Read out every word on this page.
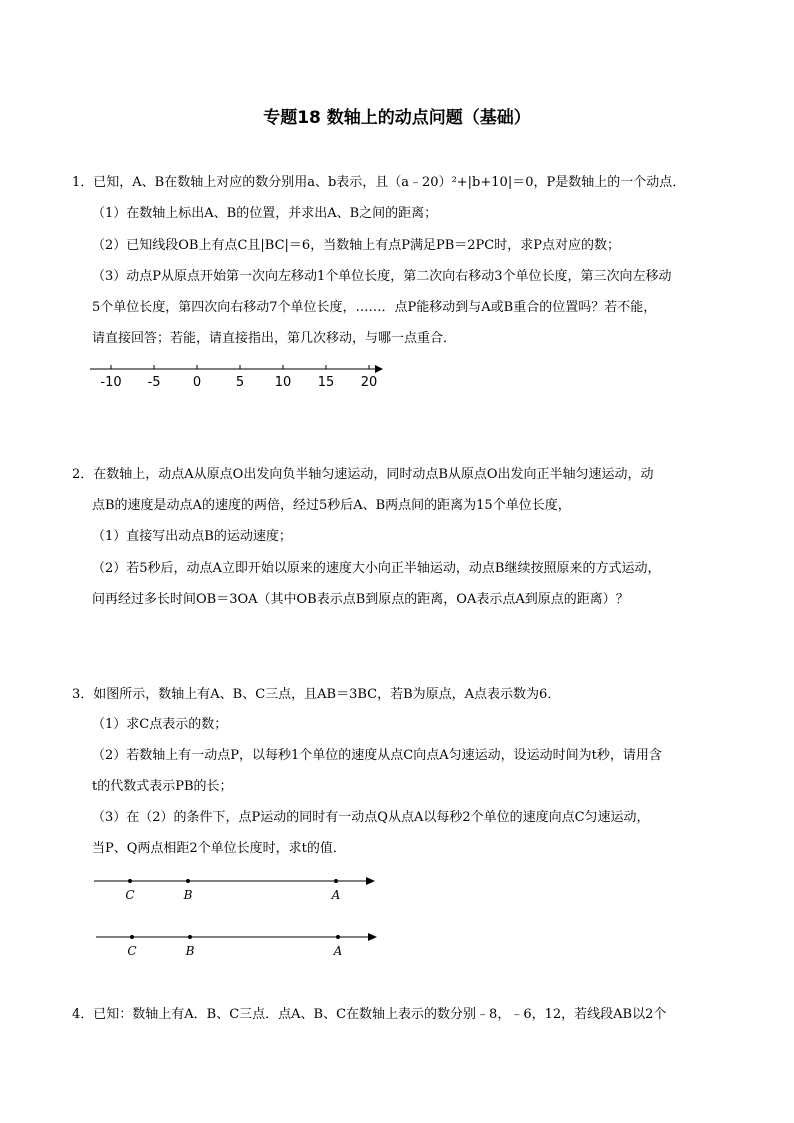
专题18 数轴上的动点问题（基础）
1．已知，A、B在数轴上对应的数分别用a、b表示，且（a﹣20）²+|b+10|＝0，P是数轴上的一个动点．
（1）在数轴上标出A、B的位置，并求出A、B之间的距离；
（2）已知线段OB上有点C且|BC|＝6，当数轴上有点P满足PB＝2PC时，求P点对应的数；
（3）动点P从原点开始第一次向左移动1个单位长度，第二次向右移动3个单位长度，第三次向左移动
5个单位长度，第四次向右移动7个单位长度，……．点P能移动到与A或B重合的位置吗？若不能，
请直接回答；若能，请直接指出，第几次移动，与哪一点重合．
-10 -5 0	5 10 15 20
2．在数轴上，动点A从原点O出发向负半轴匀速运动，同时动点B从原点O出发向正半轴匀速运动，动
点B的速度是动点A的速度的两倍，经过5秒后A、B两点间的距离为15个单位长度，
（1）直接写出动点B的运动速度；
（2）若5秒后，动点A立即开始以原来的速度大小向正半轴运动，动点B继续按照原来的方式运动，
问再经过多长时间OB＝3OA（其中OB表示点B到原点的距离，OA表示点A到原点的距离）？
3．如图所示，数轴上有A、B、C三点，且AB＝3BC，若B为原点，A点表示数为6．
（1）求C点表示的数；
（2）若数轴上有一动点P，以每秒1个单位的速度从点C向点A匀速运动，设运动时间为t秒，请用含
t的代数式表示PB的长；
（3）在（2）的条件下，点P运动的同时有一动点Q从点A以每秒2个单位的速度向点C匀速运动，
当P、Q两点相距2个单位长度时，求t的值．
C	B	A
C	B	A
4．已知：数轴上有A．B、C三点．点A、B、C在数轴上表示的数分别﹣8，﹣6，12，若线段AB以2个
